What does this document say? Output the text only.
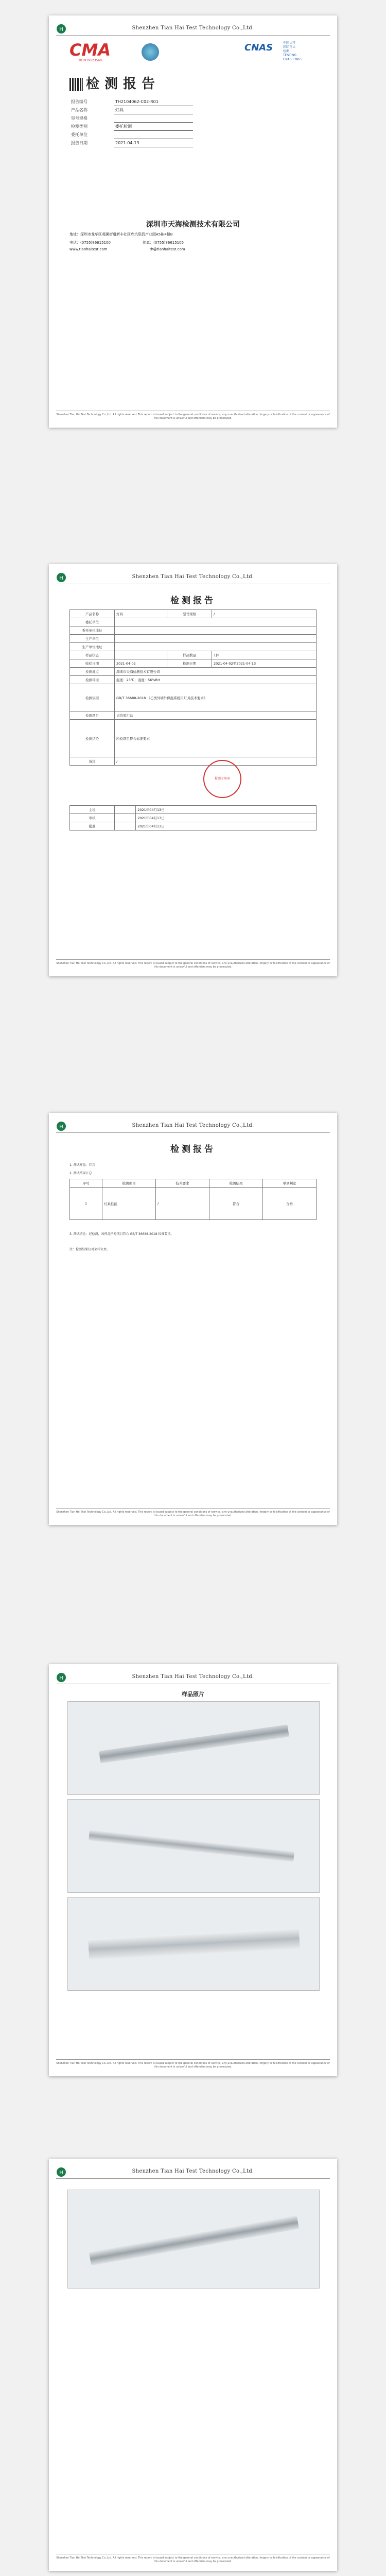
H	Shenzhen Tian Hai Test Technology Co.,Ltd.
CMA
201919123560
CNAS	中国认可
国际互认
检测
TESTING
CNAS L3865
检测报告
报告编号	TH2104062-C02-R01
产品名称	灯具
型号规格	
检测类别	委托检测
委托单位	
报告日期	2021-04-13
深圳市天海检测技术有限公司
地址：深圳市龙华区观澜街道新丰社区库坑联润产业园A5栋4楼B
电话：(0755)86615100	传真：(0755)86615105
www.tianhaitest.com	th@tianhaitest.com
Shenzhen Tian Hai Test Technology Co.,Ltd. All rights reserved. This report is issued subject to the general conditions of service; any unauthorized alteration, forgery or falsification of the content or appearance of this document is unlawful and offenders may be prosecuted.
H	Shenzhen Tian Hai Test Technology Co.,Ltd.
检测报告
产品名称	灯具	型号规格	/
委托单位			
委托单位地址			
生产单位			
生产单位地址			
样品状态		样品数量	1件
收样日期	2021-04-02	检测日期	2021-04-02至2021-04-13
检测地点	深圳市天海检测技术有限公司		
检测环境	温度：23℃；湿度：56%RH		
检测依据	GB/T 36688-2018 《乙类外墙外保温系统用灯具技术要求》		
检测项目	见结果汇总		
检测结论	所检项目符合标准要求		
备注	/		
检测专用章
主检		2021年04月13日
审核		2021年04月13日
批准		2021年04月13日
Shenzhen Tian Hai Test Technology Co.,Ltd. All rights reserved. This report is issued subject to the general conditions of service; any unauthorized alteration, forgery or falsification of the content or appearance of this document is unlawful and offenders may be prosecuted.
H	Shenzhen Tian Hai Test Technology Co.,Ltd.
检测报告
1. 测试样品：灯具
2. 测试结果汇总
序号	检测项目	技术要求	检测结果	单项判定
1	灯具性能	/	符合	合格
3. 测试结论：经检测，该样品所检项目符合 GB/T 36688-2018 标准要求。
注：检测结果仅对来样负责。
Shenzhen Tian Hai Test Technology Co.,Ltd. All rights reserved. This report is issued subject to the general conditions of service; any unauthorized alteration, forgery or falsification of the content or appearance of this document is unlawful and offenders may be prosecuted.
H	Shenzhen Tian Hai Test Technology Co.,Ltd.
样品照片
Shenzhen Tian Hai Test Technology Co.,Ltd. All rights reserved. This report is issued subject to the general conditions of service; any unauthorized alteration, forgery or falsification of the content or appearance of this document is unlawful and offenders may be prosecuted.
H	Shenzhen Tian Hai Test Technology Co.,Ltd.
Shenzhen Tian Hai Test Technology Co.,Ltd. All rights reserved. This report is issued subject to the general conditions of service; any unauthorized alteration, forgery or falsification of the content or appearance of this document is unlawful and offenders may be prosecuted.
